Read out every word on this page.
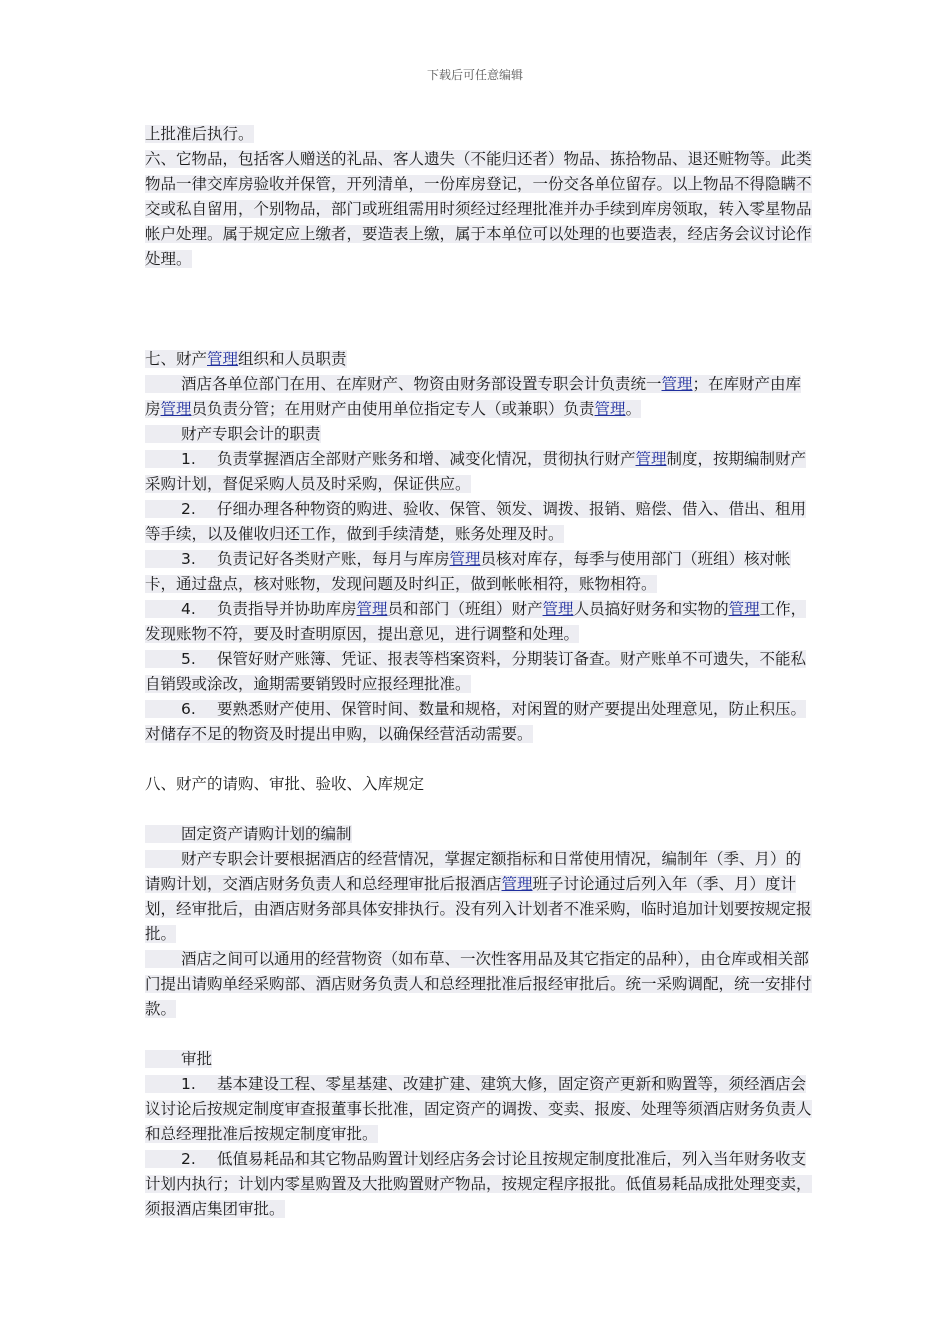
下载后可任意编辑

上批准后执行。

六、它物品，包括客人赠送的礼品、客人遗失（不能归还者）物品、拣拾物品、退还赃物等。此类物品一律交库房验收并保管，开列清单，一份库房登记，一份交各单位留存。以上物品不得隐瞒不交或私自留用，个别物品，部门或班组需用时须经过经理批准并办手续到库房领取，转入零星物品帐户处理。属于规定应上缴者，要造表上缴，属于本单位可以处理的也要造表，经店务会议讨论作处理。

七、财产管理组织和人员职责

酒店各单位部门在用、在库财产、物资由财务部设置专职会计负责统一管理；在库财产由库房管理员负责分管；在用财产由使用单位指定专人（或兼职）负责管理。

财产专职会计的职责

1. 负责掌握酒店全部财产账务和增、减变化情况，贯彻执行财产管理制度，按期编制财产采购计划，督促采购人员及时采购，保证供应。

2. 仔细办理各种物资的购进、验收、保管、领发、调拨、报销、赔偿、借入、借出、租用等手续，以及催收归还工作，做到手续清楚，账务处理及时。

3. 负责记好各类财产账，每月与库房管理员核对库存，每季与使用部门（班组）核对帐卡，通过盘点，核对账物，发现问题及时纠正，做到帐帐相符，账物相符。

4. 负责指导并协助库房管理员和部门（班组）财产管理人员搞好财务和实物的管理工作，发现账物不符，要及时查明原因，提出意见，进行调整和处理。

5. 保管好财产账簿、凭证、报表等档案资料，分期装订备查。财产账单不可遗失，不能私自销毁或涂改，逾期需要销毁时应报经理批准。

6. 要熟悉财产使用、保管时间、数量和规格，对闲置的财产要提出处理意见，防止积压。对储存不足的物资及时提出申购，以确保经营活动需要。

八、财产的请购、审批、验收、入库规定

固定资产请购计划的编制

财产专职会计要根据酒店的经营情况，掌握定额指标和日常使用情况，编制年（季、月）的请购计划，交酒店财务负责人和总经理审批后报酒店管理班子讨论通过后列入年（季、月）度计划，经审批后，由酒店财务部具体安排执行。没有列入计划者不准采购，临时追加计划要按规定报批。

酒店之间可以通用的经营物资（如布草、一次性客用品及其它指定的品种），由仓库或相关部门提出请购单经采购部、酒店财务负责人和总经理批准后报经审批后。统一采购调配，统一安排付款。

审批

1. 基本建设工程、零星基建、改建扩建、建筑大修，固定资产更新和购置等，须经酒店会议讨论后按规定制度审查报董事长批准，固定资产的调拨、变卖、报废、处理等须酒店财务负责人和总经理批准后按规定制度审批。

2. 低值易耗品和其它物品购置计划经店务会讨论且按规定制度批准后，列入当年财务收支计划内执行；计划内零星购置及大批购置财产物品，按规定程序报批。低值易耗品成批处理变卖，须报酒店集团审批。
